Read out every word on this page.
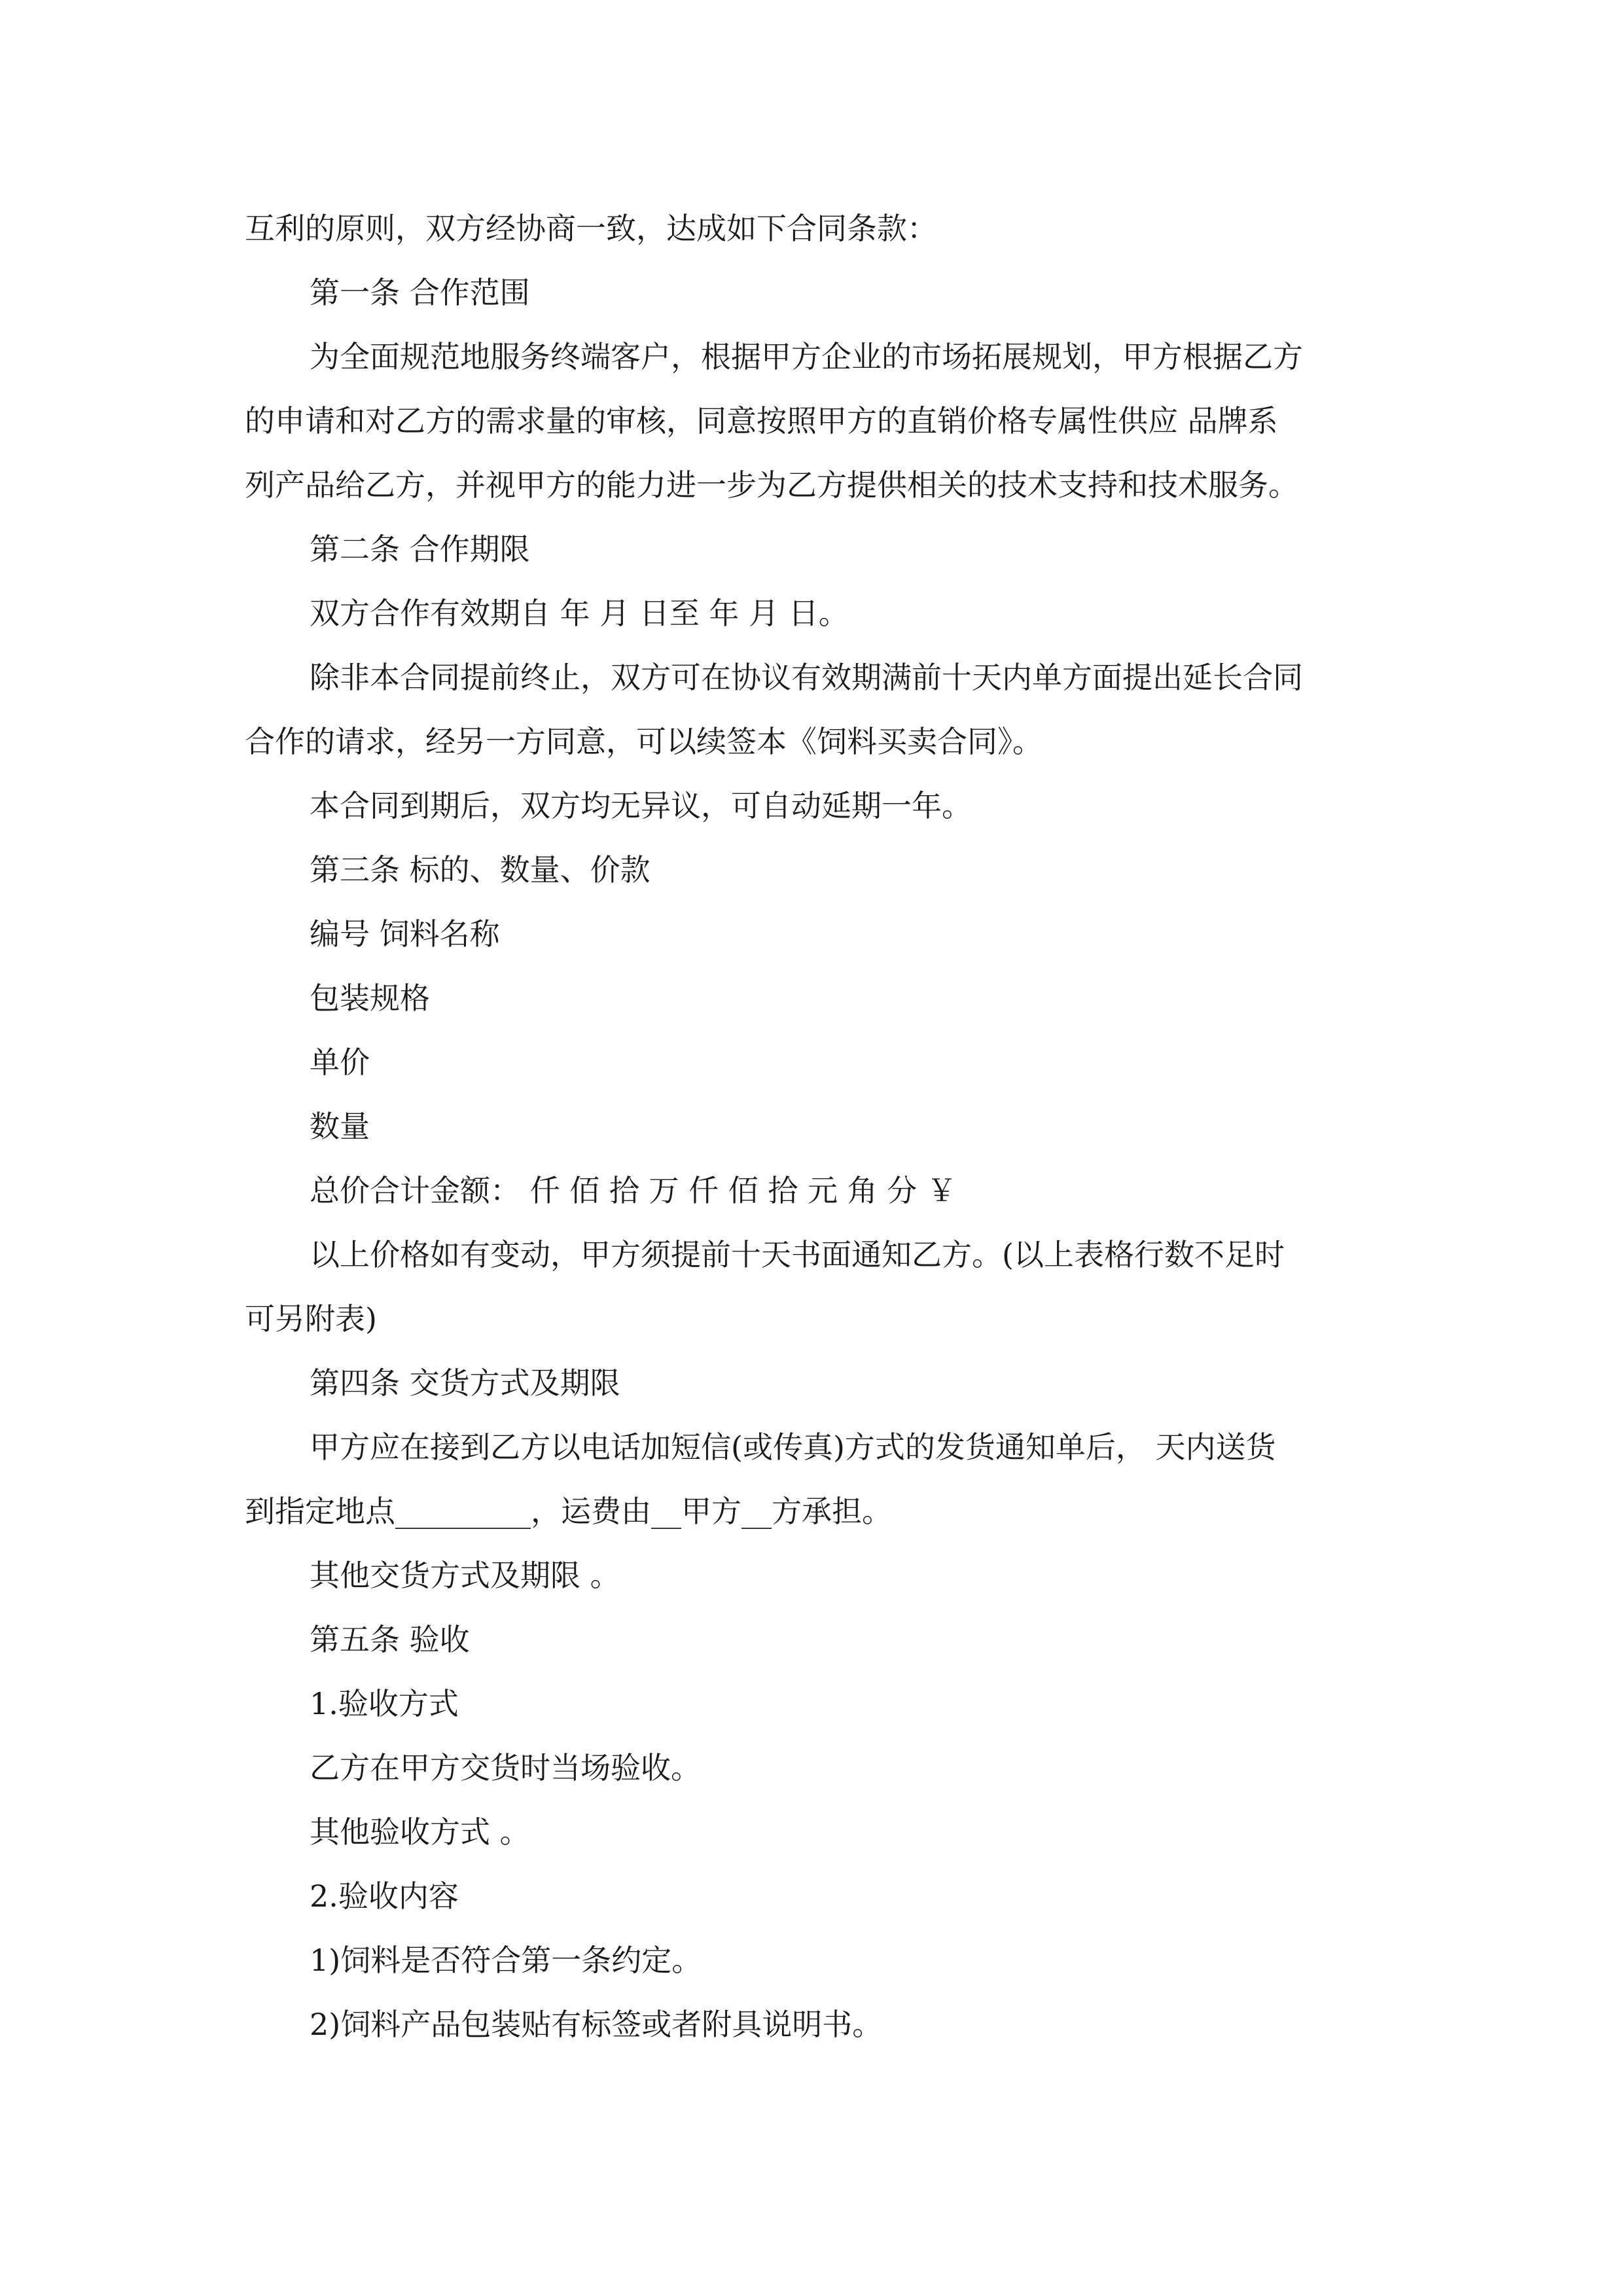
互利的原则，双方经协商一致，达成如下合同条款：

第一条 合作范围

为全面规范地服务终端客户，根据甲方企业的市场拓展规划，甲方根据乙方

的申请和对乙方的需求量的审核，同意按照甲方的直销价格专属性供应 品牌系

列产品给乙方，并视甲方的能力进一步为乙方提供相关的技术支持和技术服务。

第二条 合作期限

双方合作有效期自 年 月 日至 年 月 日。

除非本合同提前终止，双方可在协议有效期满前十天内单方面提出延长合同

合作的请求，经另一方同意，可以续签本《饲料买卖合同》。

本合同到期后，双方均无异议，可自动延期一年。

第三条 标的、数量、价款

编号 饲料名称

包装规格

单价

数量

总价合计金额： 仟 佰 拾 万 仟 佰 拾 元 角 分 ￥

以上价格如有变动，甲方须提前十天书面通知乙方。(以上表格行数不足时

可另附表)

第四条 交货方式及期限

甲方应在接到乙方以电话加短信(或传真)方式的发货通知单后， 天内送货

到指定地点_________，运费由__甲方__方承担。

其他交货方式及期限 。

第五条 验收

1.验收方式

乙方在甲方交货时当场验收。

其他验收方式 。

2.验收内容

1)饲料是否符合第一条约定。

2)饲料产品包装贴有标签或者附具说明书。
